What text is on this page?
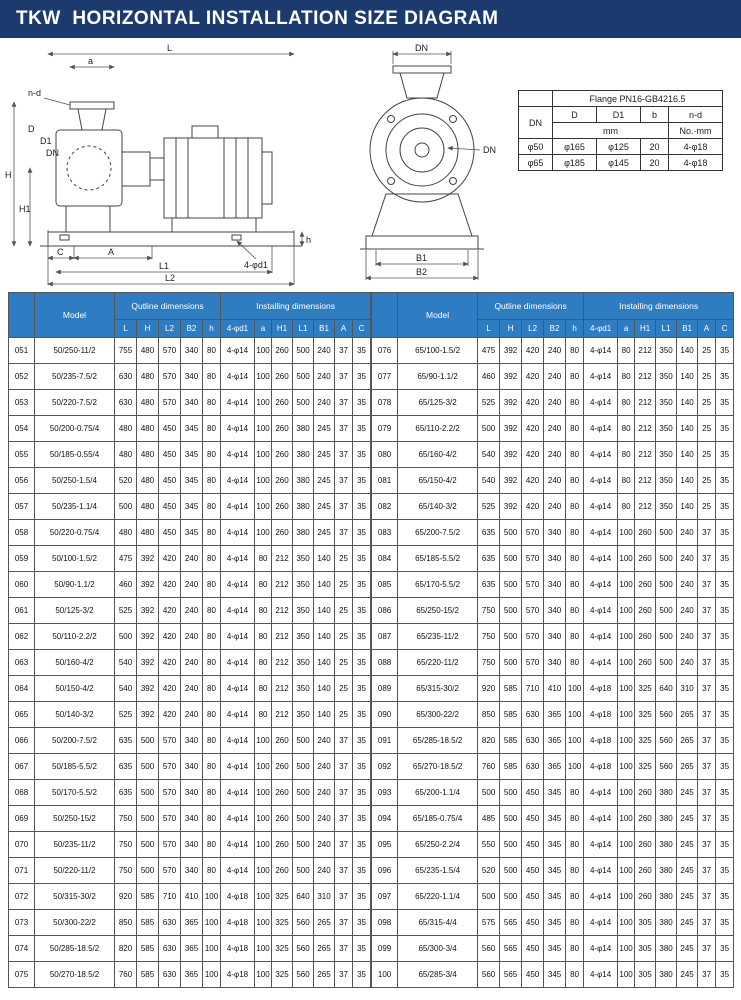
TKW  HORIZONTAL INSTALLATION SIZE DIAGRAM
L
a
n-d
H
D
D1
DN
H1
h
C	A
L1
L2
4-φd1
DN
DN
B1
B2
	Flange PN16-GB4216.5			
DN	D	D1	b	n-d
	mm			No.·mm
φ50	φ165	φ125	20	4-φ18
φ65	φ185	φ145	20	4-φ18
	Model	Qutline dimensions					Installing dimensions						
		L	H	L2	B2	h	4-φd1	a	H1	L1	B1	A	C
051	50/250-11/2	755	480	570	340	80	4-φ14	100	260	500	240	37	35
052	50/235-7.5/2	630	480	570	340	80	4-φ14	100	260	500	240	37	35
053	50/220-7.5/2	630	480	570	340	80	4-φ14	100	260	500	240	37	35
054	50/200-0.75/4	480	480	450	345	80	4-φ14	100	260	380	245	37	35
055	50/185-0.55/4	480	480	450	345	80	4-φ14	100	260	380	245	37	35
056	50/250-1.5/4	520	480	450	345	80	4-φ14	100	260	380	245	37	35
057	50/235-1.1/4	500	480	450	345	80	4-φ14	100	260	380	245	37	35
058	50/220-0.75/4	480	480	450	345	80	4-φ14	100	260	380	245	37	35
059	50/100-1.5/2	475	392	420	240	80	4-φ14	80	212	350	140	25	35
060	50/90-1.1/2	460	392	420	240	80	4-φ14	80	212	350	140	25	35
061	50/125-3/2	525	392	420	240	80	4-φ14	80	212	350	140	25	35
062	50/110-2.2/2	500	392	420	240	80	4-φ14	80	212	350	140	25	35
063	50/160-4/2	540	392	420	240	80	4-φ14	80	212	350	140	25	35
064	50/150-4/2	540	392	420	240	80	4-φ14	80	212	350	140	25	35
065	50/140-3/2	525	392	420	240	80	4-φ14	80	212	350	140	25	35
066	50/200-7.5/2	635	500	570	340	80	4-φ14	100	260	500	240	37	35
067	50/185-5.5/2	635	500	570	340	80	4-φ14	100	260	500	240	37	35
068	50/170-5.5/2	635	500	570	340	80	4-φ14	100	260	500	240	37	35
069	50/250-15/2	750	500	570	340	80	4-φ14	100	260	500	240	37	35
070	50/235-11/2	750	500	570	340	80	4-φ14	100	260	500	240	37	35
071	50/220-11/2	750	500	570	340	80	4-φ14	100	260	500	240	37	35
072	50/315-30/2	920	585	710	410	100	4-φ18	100	325	640	310	37	35
073	50/300-22/2	850	585	630	365	100	4-φ18	100	325	560	265	37	35
074	50/285-18.5/2	820	585	630	365	100	4-φ18	100	325	560	265	37	35
075	50/270-18.5/2	760	585	630	365	100	4-φ18	100	325	560	265	37	35
	Model	Qutline dimensions					Installing dimensions						
		L	H	L2	B2	h	4-φd1	a	H1	L1	B1	A	C
076	65/100-1.5/2	475	392	420	240	80	4-φ14	80	212	350	140	25	35
077	65/90-1.1/2	460	392	420	240	80	4-φ14	80	212	350	140	25	35
078	65/125-3/2	525	392	420	240	80	4-φ14	80	212	350	140	25	35
079	65/110-2.2/2	500	392	420	240	80	4-φ14	80	212	350	140	25	35
080	65/160-4/2	540	392	420	240	80	4-φ14	80	212	350	140	25	35
081	65/150-4/2	540	392	420	240	80	4-φ14	80	212	350	140	25	35
082	65/140-3/2	525	392	420	240	80	4-φ14	80	212	350	140	25	35
083	65/200-7.5/2	635	500	570	340	80	4-φ14	100	260	500	240	37	35
084	65/185-5.5/2	635	500	570	340	80	4-φ14	100	260	500	240	37	35
085	65/170-5.5/2	635	500	570	340	80	4-φ14	100	260	500	240	37	35
086	65/250-15/2	750	500	570	340	80	4-φ14	100	260	500	240	37	35
087	65/235-11/2	750	500	570	340	80	4-φ14	100	260	500	240	37	35
088	65/220-11/2	750	500	570	340	80	4-φ14	100	260	500	240	37	35
089	65/315-30/2	920	585	710	410	100	4-φ18	100	325	640	310	37	35
090	65/300-22/2	850	585	630	365	100	4-φ18	100	325	560	265	37	35
091	65/285-18.5/2	820	585	630	365	100	4-φ18	100	325	560	265	37	35
092	65/270-18.5/2	760	585	630	365	100	4-φ18	100	325	560	265	37	35
093	65/200-1.1/4	500	500	450	345	80	4-φ14	100	260	380	245	37	35
094	65/185-0.75/4	485	500	450	345	80	4-φ14	100	260	380	245	37	35
095	65/250-2.2/4	550	500	450	345	80	4-φ14	100	260	380	245	37	35
096	65/235-1.5/4	520	500	450	345	80	4-φ14	100	260	380	245	37	35
097	65/220-1.1/4	500	500	450	345	80	4-φ14	100	260	380	245	37	35
098	65/315-4/4	575	565	450	345	80	4-φ14	100	305	380	245	37	35
099	65/300-3/4	560	565	450	345	80	4-φ14	100	305	380	245	37	35
100	65/285-3/4	560	565	450	345	80	4-φ14	100	305	380	245	37	35
